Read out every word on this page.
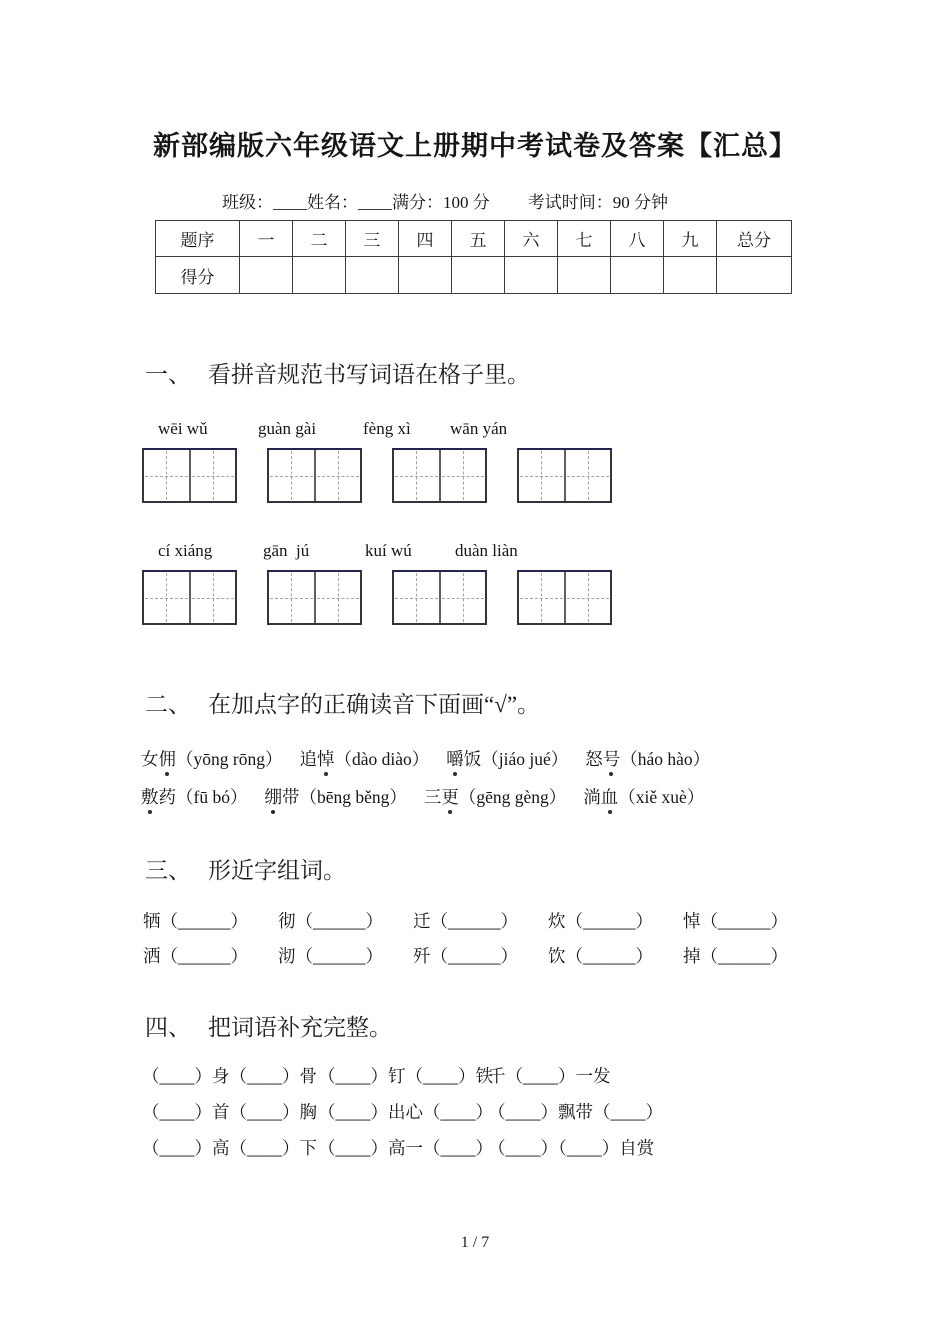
新部编版六年级语文上册期中考试卷及答案【汇总】
班级：____姓名：____满分：100 分 考试时间：90 分钟
题序	一	二	三	四	五	六	七	八	九	总分
得分										
一、 看拼音规范书写词语在格子里。

wēi wǔ

	guàn gài

	fèng xì

wān yán

cí xiáng

	gān  jú

	kuí wú

	duàn liàn

二、 在加点字的正确读音下面画“√”。
女佣（yōng rōng） 追悼（dào diào） 嚼饭（jiáo jué） 怒号（háo hào）
敷药（fū bó） 绷带（bēng běng） 三更（gēng gèng） 淌血（xiě xuè）
三、 形近字组词。
牺（______）	彻（______）	迁（______）	炊（______）	悼（______）
洒（______）	沏（______）	歼（______）	饮（______）	掉（______）
四、 把词语补充完整。
（____）身（____）骨 （____）钉（____）铁
千（____）一发
（____）首（____）胸 （____）出心（____）
（____）飘带（____）
（____）高（____）下 （____）高一（____）
（____）（____）自赏
1 / 7
